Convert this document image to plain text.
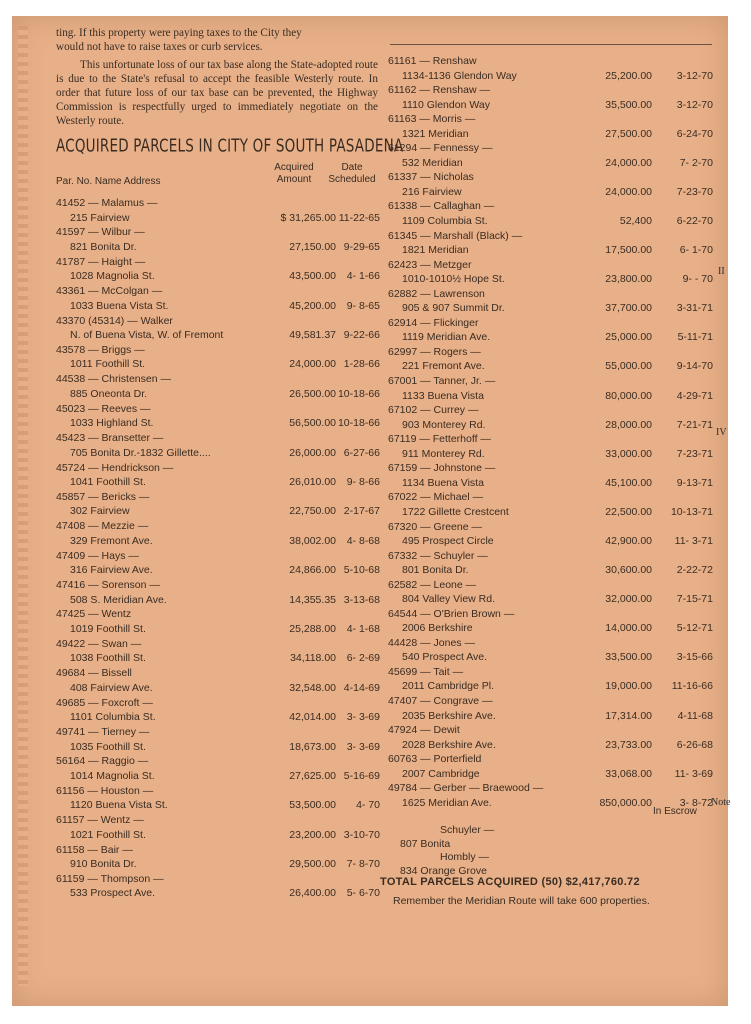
ting. If this property were paying taxes to the City they

would not have to raise taxes or curb services.

This unfortunate loss of our tax base along the State-adopted route is due to the State's refusal to accept the feasible Westerly route. In order that future loss of our tax base can be prevented, the Highway Commission is respectfully urged to immediately negotiate on the Westerly route.

ACQUIRED PARCELS IN CITY OF SOUTH PASADENA
Par. No. Name Address
Acquired Amount
Date Scheduled
41452 — Malamus —
215 Fairview	$ 31,265.00 11-22-65
41597 — Wilbur —
821 Bonita Dr.	27,150.00 9-29-65
41787 — Haight —
1028 Magnolia St.	43,500.00	4- 1-66
43361 — McColgan —
1033 Buena Vista St.	45,200.00	9- 8-65
43370 (45314) — Walker
N. of Buena Vista, W. of Fremont	49,581.37 9-22-66
43578 — Briggs —
1011 Foothill St.	24,000.00 1-28-66
44538 — Christensen —
885 Oneonta Dr.	26,500.00 10-18-66
45023 — Reeves —
1033 Highland St.	56,500.00 10-18-66
45423 — Bransetter —
705 Bonita Dr.-1832 Gillette....	26,000.00 6-27-66
45724 — Hendrickson —
1041 Foothill St.	26,010.00	9- 8-66
45857 — Bericks —
302 Fairview	22,750.00 2-17-67
47408 — Mezzie —
329 Fremont Ave.	38,002.00	4- 8-68
47409 — Hays —
316 Fairview Ave.	24,866.00 5-10-68
47416 — Sorenson —
508 S. Meridian Ave.	14,355.35 3-13-68
47425 — Wentz
1019 Foothill St.	25,288.00	4- 1-68
49422 — Swan —
1038 Foothill St.	34,118.00	6- 2-69
49684 — Bissell
408 Fairview Ave.	32,548.00 4-14-69
49685 — Foxcroft —
1101 Columbia St.	42,014.00	3- 3-69
49741 — Tierney —
1035 Foothill St.	18,673.00	3- 3-69
56164 — Raggio —
1014 Magnolia St.	27,625.00 5-16-69
61156 — Houston —
1120 Buena Vista St.	53,500.00	4- 70
61157 — Wentz —
1021 Foothill St.	23,200.00 3-10-70
61158 — Bair —
910 Bonita Dr.	29,500.00	7- 8-70
61159 — Thompson —
533 Prospect Ave.	26,400.00	5- 6-70
61161 — Renshaw
1134-1136 Glendon Way	25,200.00	3-12-70
61162 — Renshaw —
1110 Glendon Way	35,500.00	3-12-70
61163 — Morris —
1321 Meridian	27,500.00	6-24-70
61294 — Fennessy —
532 Meridian	24,000.00	7- 2-70
61337 — Nicholas
216 Fairview	24,000.00	7-23-70
61338 — Callaghan —
1109 Columbia St.	52,400	6-22-70
61345 — Marshall (Black) —
1821 Meridian	17,500.00	6- 1-70
62423 — Metzger
1010-1010½ Hope St.	23,800.00	9- - 70
62882 — Lawrenson
905 & 907 Summit Dr.	37,700.00	3-31-71
62914 — Flickinger
1119 Meridian Ave.	25,000.00	5-11-71
62997 — Rogers —
221 Fremont Ave.	55,000.00	9-14-70
67001 — Tanner, Jr. —
1133 Buena Vista	80,000.00	4-29-71
67102 — Currey —
903 Monterey Rd.	28,000.00	7-21-71
67119 — Fetterhoff —
911 Monterey Rd.	33,000.00	7-23-71
67159 — Johnstone —
1134 Buena Vista	45,100.00	9-13-71
67022 — Michael —
1722 Gillette Crestcent	22,500.00	10-13-71
67320 — Greene —
495 Prospect Circle	42,900.00	11- 3-71
67332 — Schuyler —
801 Bonita Dr.	30,600.00	2-22-72
62582 — Leone —
804 Valley View Rd.	32,000.00	7-15-71
64544 — O'Brien Brown —
2006 Berkshire	14,000.00	5-12-71
44428 — Jones —
540 Prospect Ave.	33,500.00	3-15-66
45699 — Tait —
2011 Cambridge Pl.	19,000.00	11-16-66
47407 — Congrave —
2035 Berkshire Ave.	17,314.00	4-11-68
47924 — Dewit
2028 Berkshire Ave.	23,733.00	6-26-68
60763 — Porterfield
2007 Cambridge	33,068.00	11- 3-69
49784 — Gerber — Braewood —
1625 Meridian Ave.	850,000.00	3- 8-72
In Escrow
Schuyler —
807 Bonita
Hombly —
834 Orange Grove
TOTAL PARCELS ACQUIRED (50) $2,417,760.72
Remember the Meridian Route will take 600 properties.
II
IV
Note
